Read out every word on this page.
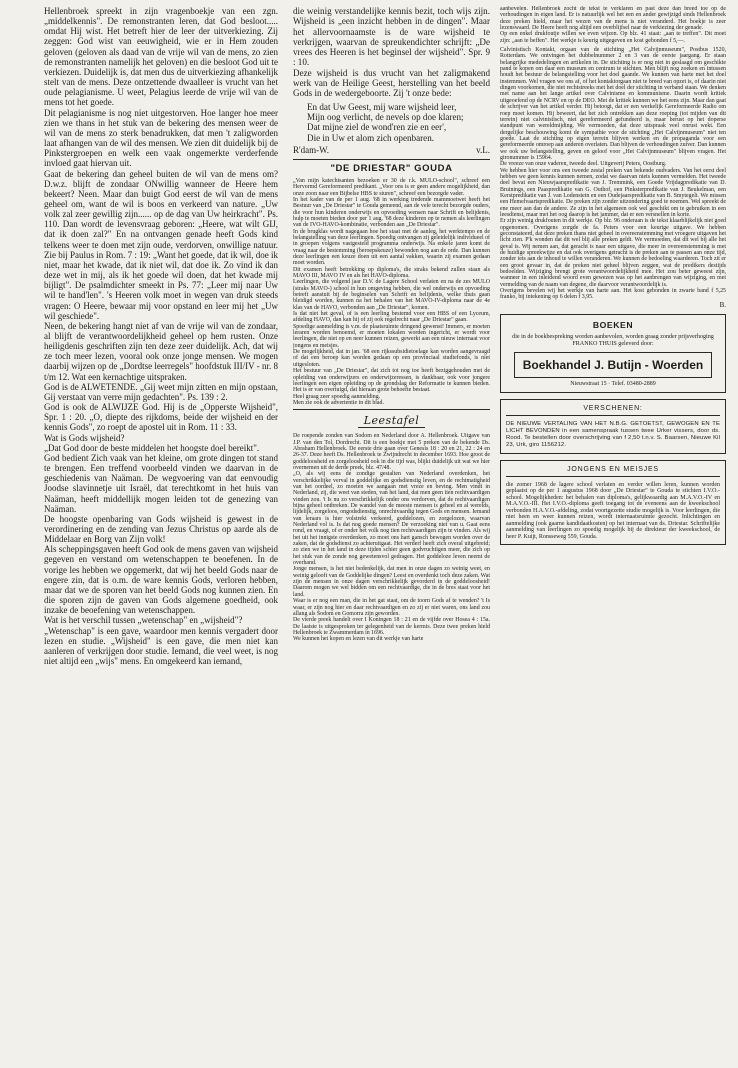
Hellenbroek spreekt in zijn vragenboekje van een zgn. „middelkennis". De remonstranten leren, dat God besloot..... omdat Hij wist. Het betreft hier de leer der uitverkiezing. Zij zeggen: God wist van eeuwigheid, wie er in Hem zouden geloven (geloven als daad van de vrije wil van de mens, zo zien de remonstranten namelijk het geloven) en die besloot God uit te verkiezen. Duidelijk is, dat men dus de uitverkiezing afhankelijk stelt van de mens. Deze ontzettende dwaalleer is vrucht van het oude pelagianisme. U weet, Pelagius leerde de vrije wil van de mens tot het goede.

Dit pelagianisme is nog niet uitgestorven. Hoe langer hoe meer zien we thans in het stuk van de bekering des mensen weer de wil van de mens zo sterk benadrukken, dat men 't zaligworden laat afhangen van de wil des mensen. We zien dit duidelijk bij de Pinkstergroepen en welk een vaak ongemerkte verderfende invloed gaat hiervan uit.

Gaat de bekering dan geheel buiten de wil van de mens om? D.w.z. blijft de zondaar ONwillig wanneer de Heere hem bekeert? Neen. Maar dan buigt God eerst de wil van de mens geheel om, want de wil is boos en verkeerd van nature. „Uw volk zal zeer gewillig zijn...... op de dag van Uw heirkracht". Ps. 110. Dan wordt de levensvraag geboren: „Heere, wat wilt GIJ, dat ik doen zal?" En na ontvangen genade heeft Gods kind telkens weer te doen met zijn oude, verdorven, onwillige natuur. Zie bij Paulus in Rom. 7 : 19: „Want het goede, dat ik wil, doe ik niet, maar het kwade, dat ik niet wil, dat doe ik. Zo vind ik dan deze wet in mij, als ik het goede wil doen, dat het kwade mij bijligt". De psalmdichter smeekt in Ps. 77: „Leer mij naar Uw wil te hand'len". 's Heeren volk moet in wegen van druk steeds vragen: O Heere, bewaar mij voor opstand en leer mij het „Uw wil geschiede".

Neen, de bekering hangt niet af van de vrije wil van de zondaar, al blijft de verantwoordelijkheid geheel op hem rusten. Onze heiligdenis geschriften zijn ten deze zeer duidelijk. Ach, dat wij ze toch meer lezen, vooral ook onze jonge mensen. We mogen daarbij wijzen op de „Dordtse leerregels" hoofdstuk III/IV - nr. 8 t/m 12. Wat een kernachtige uitspraken.

God is de ALWETENDE. „Gij weet mijn zitten en mijn opstaan, Gij verstaat van verre mijn gedachten". Ps. 139 : 2.

God is ook de ALWIJZE God. Hij is de „Opperste Wijsheid", Spr. 1 : 20. „O, diepte des rijkdoms, beide der wijsheid en der kennis Gods", zo roept de apostel uit in Rom. 11 : 33.

Wat is Gods wijsheid?

„Dat God door de beste middelen het hoogste doel bereikt".

God bedient Zich vaak van het kleine, om grote dingen tot stand te brengen. Een treffend voorbeeld vinden we daarvan in de geschiedenis van Naäman. De wegvoering van dat eenvoudig Joodse slavinnetje uit Israël, dat terechtkomt in het huis van Naäman, heeft middellijk mogen leiden tot de genezing van Naäman.

De hoogste openbaring van Gods wijsheid is gewest in de verordinering en de zending van Jezus Christus op aarde als de Middelaar en Borg van Zijn volk!

Als scheppingsgaven heeft God ook de mens gaven van wijsheid gegeven en verstand om wetenschappen te beoefenen. In de vorige les hebben we opgemerkt, dat wij het beeld Gods naar de engere zin, dat is o.m. de ware kennis Gods, verloren hebben, maar dat we de sporen van het beeld Gods nog kunnen zien. En die sporen zijn de gaven van Gods algemene goedheid, ook inzake de beoefening van wetenschappen.

Wat is het verschil tussen „wetenschap" en „wijsheid"?

„Wetenschap" is een gave, waardoor men kennis vergadert door lezen en studie. „Wijsheid" is een gave, die men niet kan aanleren of verkrijgen door studie. Iemand, die veel weet, is nog niet altijd een „wijs" mens. En omgekeerd kan iemand,

die weinig verstandelijke kennis bezit, toch wijs zijn. Wijsheid is „een inzicht hebben in de dingen". Maar het allervoornaamste is de ware wijsheid te verkrijgen, waarvan de spreukendichter schrijft: „De vrees des Heeren is het beginsel der wijsheid". Spr. 9 : 10.

Deze wijsheid is dus vrucht van het zaligmakend werk van de Heilige Geest, herstelling van het beeld Gods in de wedergeboorte. Zij 't onze bede:

En dat Uw Geest, mij ware wijsheid leer,
Mijn oog verlicht, de nevels op doe klaren;
Dat mijne ziel de wond'ren zie en eer',
Die in Uw et alom zich openbaren.
R'dam-W.	v.L.
"DE DRIESTAR" GOUDA

„Van mijn katechisanten bezoeken er 30 de r.k. MULO-school", schreef een Hervormd Gereformeerd predikant. „Voor ons is er geen andere mogelijkheid, dan onze zoon naar een Bijbelse HBS te sturen", schreef een bezorgde vader.

In het kader van de per 1 aug. '68 in werking tredende mammoetwet heeft het Bestuur van „De Driestar" te Gouda gemeend, aan de vele terecht bezorgde ouders, die voor hun kinderen onderwijs en opvoeding wensen naar Schrift en belijdenis, hulp te moeten bieden door per 1 aug. '68 deze kinderen op te nemen als leerlingen van de IVO-HAVO-kombinatie, verbonden aan „De Driestar".

In de brugklas wordt nagegaan hoe het staat met de aanleg, het werktempo en de belangstelling van deze leerlingen. Spoedig ontvangen zij geleidelijk individueel of in groepen volgens vastgesteld programma onderwijs. Na enkele jaren komt de vraag naar de bestemming (beroepskeuze) bewonden nog aan de orde. Dan kunnen deze leerlingen een keuze doen uit een aantal vakken, waarin zij examen gedaan moet worden.

Dit examen heeft betrekking op diploma's, die straks bekend zullen staan als MAVO III, MAVO IV en als het HAVO-diploma.

Leerlingen, die volgend jaar D.V. de Lagere School verlaten en na de zes MULO (straks MAVO-) school in hun omgeving hebben, die wel onderwijs en opvoeding betreft aanstuit bij de beginselen van Schrift en belijdenis, welke thuis gaan bleidigd worden, kunnen na het behalen van het MAVO-IV-diploma naar de 4e klas van de HAVO, verbonden aan „De Driestar", komen.

Is dat niet het geval, of is een leerling bestemd voor een HBS of een Lyceum, afdeling HAVO, dan kan hij of zij ook regelrecht naar „De Driestar" gaan.

Spoedige aanmelding is v.m. de plaatsruimte dringend gewenst! Immers, er moeten leraren worden benoemd, er moeten lokalen worden ingericht, er wordt voor leerlingen, die niet op en neer kunnen reizen, gewerkt aan een nieuw internaat voor jongens en meisjes.

De mogelijkheid, dat in jan. '68 een rijkssubsidietoelage kan worden aangevraagd of dat een beroep kan worden gedaan op een provinciaal studiefonds, is niet uitgesloten.

Het bestuur van „De Driestar", dat zich tot nog toe heeft beziggehouden met de opleiding van onderwijzers en onderwijzeressen, is dankbaar, ook voor jongere leerlingen een eigen opleiding op de grondslag der Reformatie te kunnen bieden. Het is er van overtuigd, dat hieraan grote behoefte bestaat.

Heel graag zeer spoedig aanmelding.

Men zie ook de advertentie in dit blad.

Leestafel

De roepende zonden van Sodom en Nederland door A. Hellenbroek. Uitgave van J.P. van den Tol, Dordrecht. Dit is een boekje met 5 preken van de bekende Ds. Abraham Hellenbroek. De eerste drie gaan over Genesis 18 : 20 en 21, 22 : 24 en 26-37. Deze heeft Ds. Hellenbroek te Zwijndrecht in december 1693. Hoe groot de goddeloosheid en zorgeloosheid ook in die tijd was, blijkt duidelijk uit wat we hier overnemen uit de derde preek, blz. 47/48.

„O, als wij eens de zondige gestalten van Nederland overdenken, het verschrikkelijke verval in goddelijke en godsdienstig leven, en de rechtmatigheid van het oordeel, zo moeten we aangaan met vreze en beving. Men vindt in Nederland, zij, die weet van steden, van het land, dat men geen tien rechtvaardigen vinden zou. 't Is nu zo verschrikkelijk onder ons verdorven, dat de rechtvaardigen bijna geheel ontbreken. De wandel van de meeste mensen is geheel en al werelds, lijdelijk, zorgeloos, ongodsdienstig, onrechtvaardig tegen Gods en mensen. Iemand van leraars is hier volstrekt verkeerd, goddelozen, en zorgelozen, waarvan Nederland vol is. Is dat nog goede mensen? De verzoeking niet van u. Gaat eens rond, en vraagt, of er onder het volk nog tien rechtvaardigen zijn te vinden. Als wij het uit het innigste overdenken, zo moet ons hart gansch bewogen worden over de zaken, dat de godsdienst zo achteruitgaat. Het verderf heeft zich overal uitgebreid; zo zien we in het land in deze tijden schier geen godvruchtigen meer, die zich op het stuk van de zonde nog gewetensvol gedragen. Het goddeloze leven neemt de overhand.

Jonge mensen, is het niet bedenkelijk, dat men in onze dagen zo weinig weet, en weinig gelooft van de Goddelijke dingen? Leest en overdenkt toch deze zaken. Wat zijn de mensen in onze dagen verschrikkelijk gevorderd in de goddeloosheid! Daarom mogen we wel bidden om een rechtvaardige, die in de bres staat voor het land.

Waar is er nog een man, die in het gat staat, om de toorn Gods af te wenden? 't Is waar, er zijn nog hier en daar rechtvaardigen en zo zij er niet waren, ons land zou allang als Sodom en Gomorra zijn geworden.

De vierde preek handelt over I Koningen 18 : 21 en de vijfde over Hosea 4 : 15a. De laatste is uitgesproken ter gelegenheid van de kermis. Deze twee preken hield Hellenbroek te Zwammerdam in 1696.

We kunnen het kopen en lezen van dit werkje van harte

aanbevelen. Hellenbroek zocht de tekst te verklaren en past deze dan breed toe op de verhoudingen in eigen land. Er is natuurlijk wel het een en ander gewijzigd sinds Hellenbroek deze preken hield, maar het wezen van de mens is niet veranderd. Het boekje is zeer lezenswaard. De Heere heeft nog altijd een overblijfsel naar de verkiezing der genade.

Op een enkel drukfoutje willen we even wijzen. Op blz. 41 staat: „aan te treffen". Dit moet zijn: „aan te beffen". Het werkje is keurig uitgegeven en kost gebonden f 5,—.

Calvinistisch Kontakt, orgaan van de stichting „Het Calvijnmuseum", Postbus 1520, Rotterdam. We ontvingen het dubbelnummer 2 en 3 van de eerste jaargang. Er staan belangrijke mededelingen en artikelen in. De stichting is er nog niet in geslaagd om geschikte pand te kopen om daar een museum en centrum te stichten. Men blijft nog zoeken en intussen houdt het bestuur de belangstelling voor het doel gaande. We kunnen van harte met het doel instemmen. Wel vragen we ons af, of het kontaktorgaan niet te breed van opzet is, of daarin niet dingen voorkomen, die niet rechtstreeks met het doel der stichting in verband staan. We denken met name aan het lange artikel over Calvinisme en kommunisme. Daarin wordt kritiek uitgeoefend op de NCRV en op de DEO. Met de kritiek kunnen we het eens zijn. Maar dan gaat de schrijver van het artikel verder. Hij betoogt, dat er een werkelijk Gereformeerde Radio om roep moet komen. Hij beweert, dat het zich ontrekken aan deze roeping (tot mijden van dit terrein) niet calvinistisch, niet gereformeerd gefundeerd is, maar berust op het doperse standpunt van wereldmijding. We vermoeden, dat deze uitspraak veel onrust wekt. Een dergelijke beschouwing komt de sympathie voor de stichting „Het Calvijnmuseum" niet ten goede. Laat de stichting op eigen terrein blijven werken en de propaganda voor een gereformeerde omroep aan anderen overlaten. Dan blijven de verhoudingen zuiver. Dan kunnen we ook uw belangstelling, geven en geloof voor „Het Calvijnmuseum" blijven vragen. Het gironummer is 15964.

De vreeze van onze vaderen, tweede deel. Uitgeverij Peters, Oostburg.

We hebben hier voor ons een tweede zestal preken van bekende oudvaders. Van het eerst deel hebben we geen kennis kunnen nemen, zodat we daarvan niets kunnen vermelden. Het tweede deel bevat een Nieuwjaarspredikatie van J. Tremmink, een Goede Vrijdagpredikatie van D. Bruinings, een Paaspredikatie van G. Outhof, een Pinksterpredikatie van J. Beukelman, een Kerstpredikatie van J. van Lodenstein en een Oudejaarspredikatie van B. Smytegelt. We missen een Hemelvaartspredikatie. De preken zijn zonder uitzondering goed te noemen. Wel spreekt de ene meer aan dan de andere. Ze zijn in het algemeen ook wel geschikt om te gebruiken in een leesdienst, maar met het oog daarop is het jammer, dat er een versnellen in korte.

Er zijn weinig drukfouten in dit werkje. Op blz. 96 onderaan is de tekst klaarblijkelijk niet goed opgenomen. Overigens zorgde de fa. Peters voor een keurige uitgave. We hebben geconstateerd, dat deze preken thans niet geheel in overeenstemming met vroegere uitgaven het licht zien. P'k wonden dat dit wel blij alle preken geldt. We vermoeden, dat dit wel bij alle het geval is. Wij nemen aan, dat geracht is naar een uitgave, die meer in overeenstemming is met de huidige spreekwijze en dat ook overigens getracht is de preken aan te passen aan onze tijd, zonder iets aan de inhoud te willen veranderen. We kunnen de bedoeling waarderen. Toch zit er een groot gevaar in, dat de preken niet geheel blijven zeggen, wat de predikers destijds bedoelden. Wijziging brengt grote verantwoordelijkheid mee. Het zou beter geweest zijn, wanneer in een inleidend woord even gewezen was op het aanbrengen van wijziging, en met vermelding van de naam van degene, die daarvoor verantwoordelijk is.

Overigens bevelen wij het werkje van harte aan. Het kost gebonden in zwarte band f 5,25 franko, bij intekening op 6 delen f 3,95.

B.
BOEKEN
die in de boekbespreking worden aanbevolen, worden graag zonder prijsverhoging FRANKO THUIS geleverd door:
Boekhandel J. Butijn - Woerden
Nieuwstraat 15 · Telef. 03480-2889
VERSCHENEN:
DE NIEUWE VERTALING VAN HET N.B.G. GETOETST, GEWOGEN EN TE LICHT BEVONDEN in een samenspraak tussen twee Urker vissers, door ds. Rood. Te bestellen door overschrijving van f 2,50 t.n.v. S. Baarsen, Nieuwe Kil 23, Urk, giro 1156212.
JONGENS EN MEISJES
die zomer 1968 de lagere school verlaten en verder willen leren, kunnen worden geplaatst op de per 1 augustus 1968 door „De Driestar" te Gouda te stichten I.V.O.-school. Mogelijkheden: het behalen van diploma's, gelijkwaardig aan M.A.V.O.-IV en M.A.V.O.-III. Het I.V.O.-diploma geeft toegang tot de eveneens aan de kweekschool verbonden H.A.V.O.-afdeling, zodat voortgezette studie mogelijk is. Voor leerlingen, die niet heen en weer kunnen reizen, wordt internaatsruimte gezocht. Inlichtingen en aanmelding (ook gaarne kandidaatkosten) op het internaat van ds. Driestar. Schriftelijke aanmelding van leerlingen zo spoedig mogelijk bij de direkteur der kweekschool, de heer P. Kuijt, Ronsseweg 559, Gouda.
